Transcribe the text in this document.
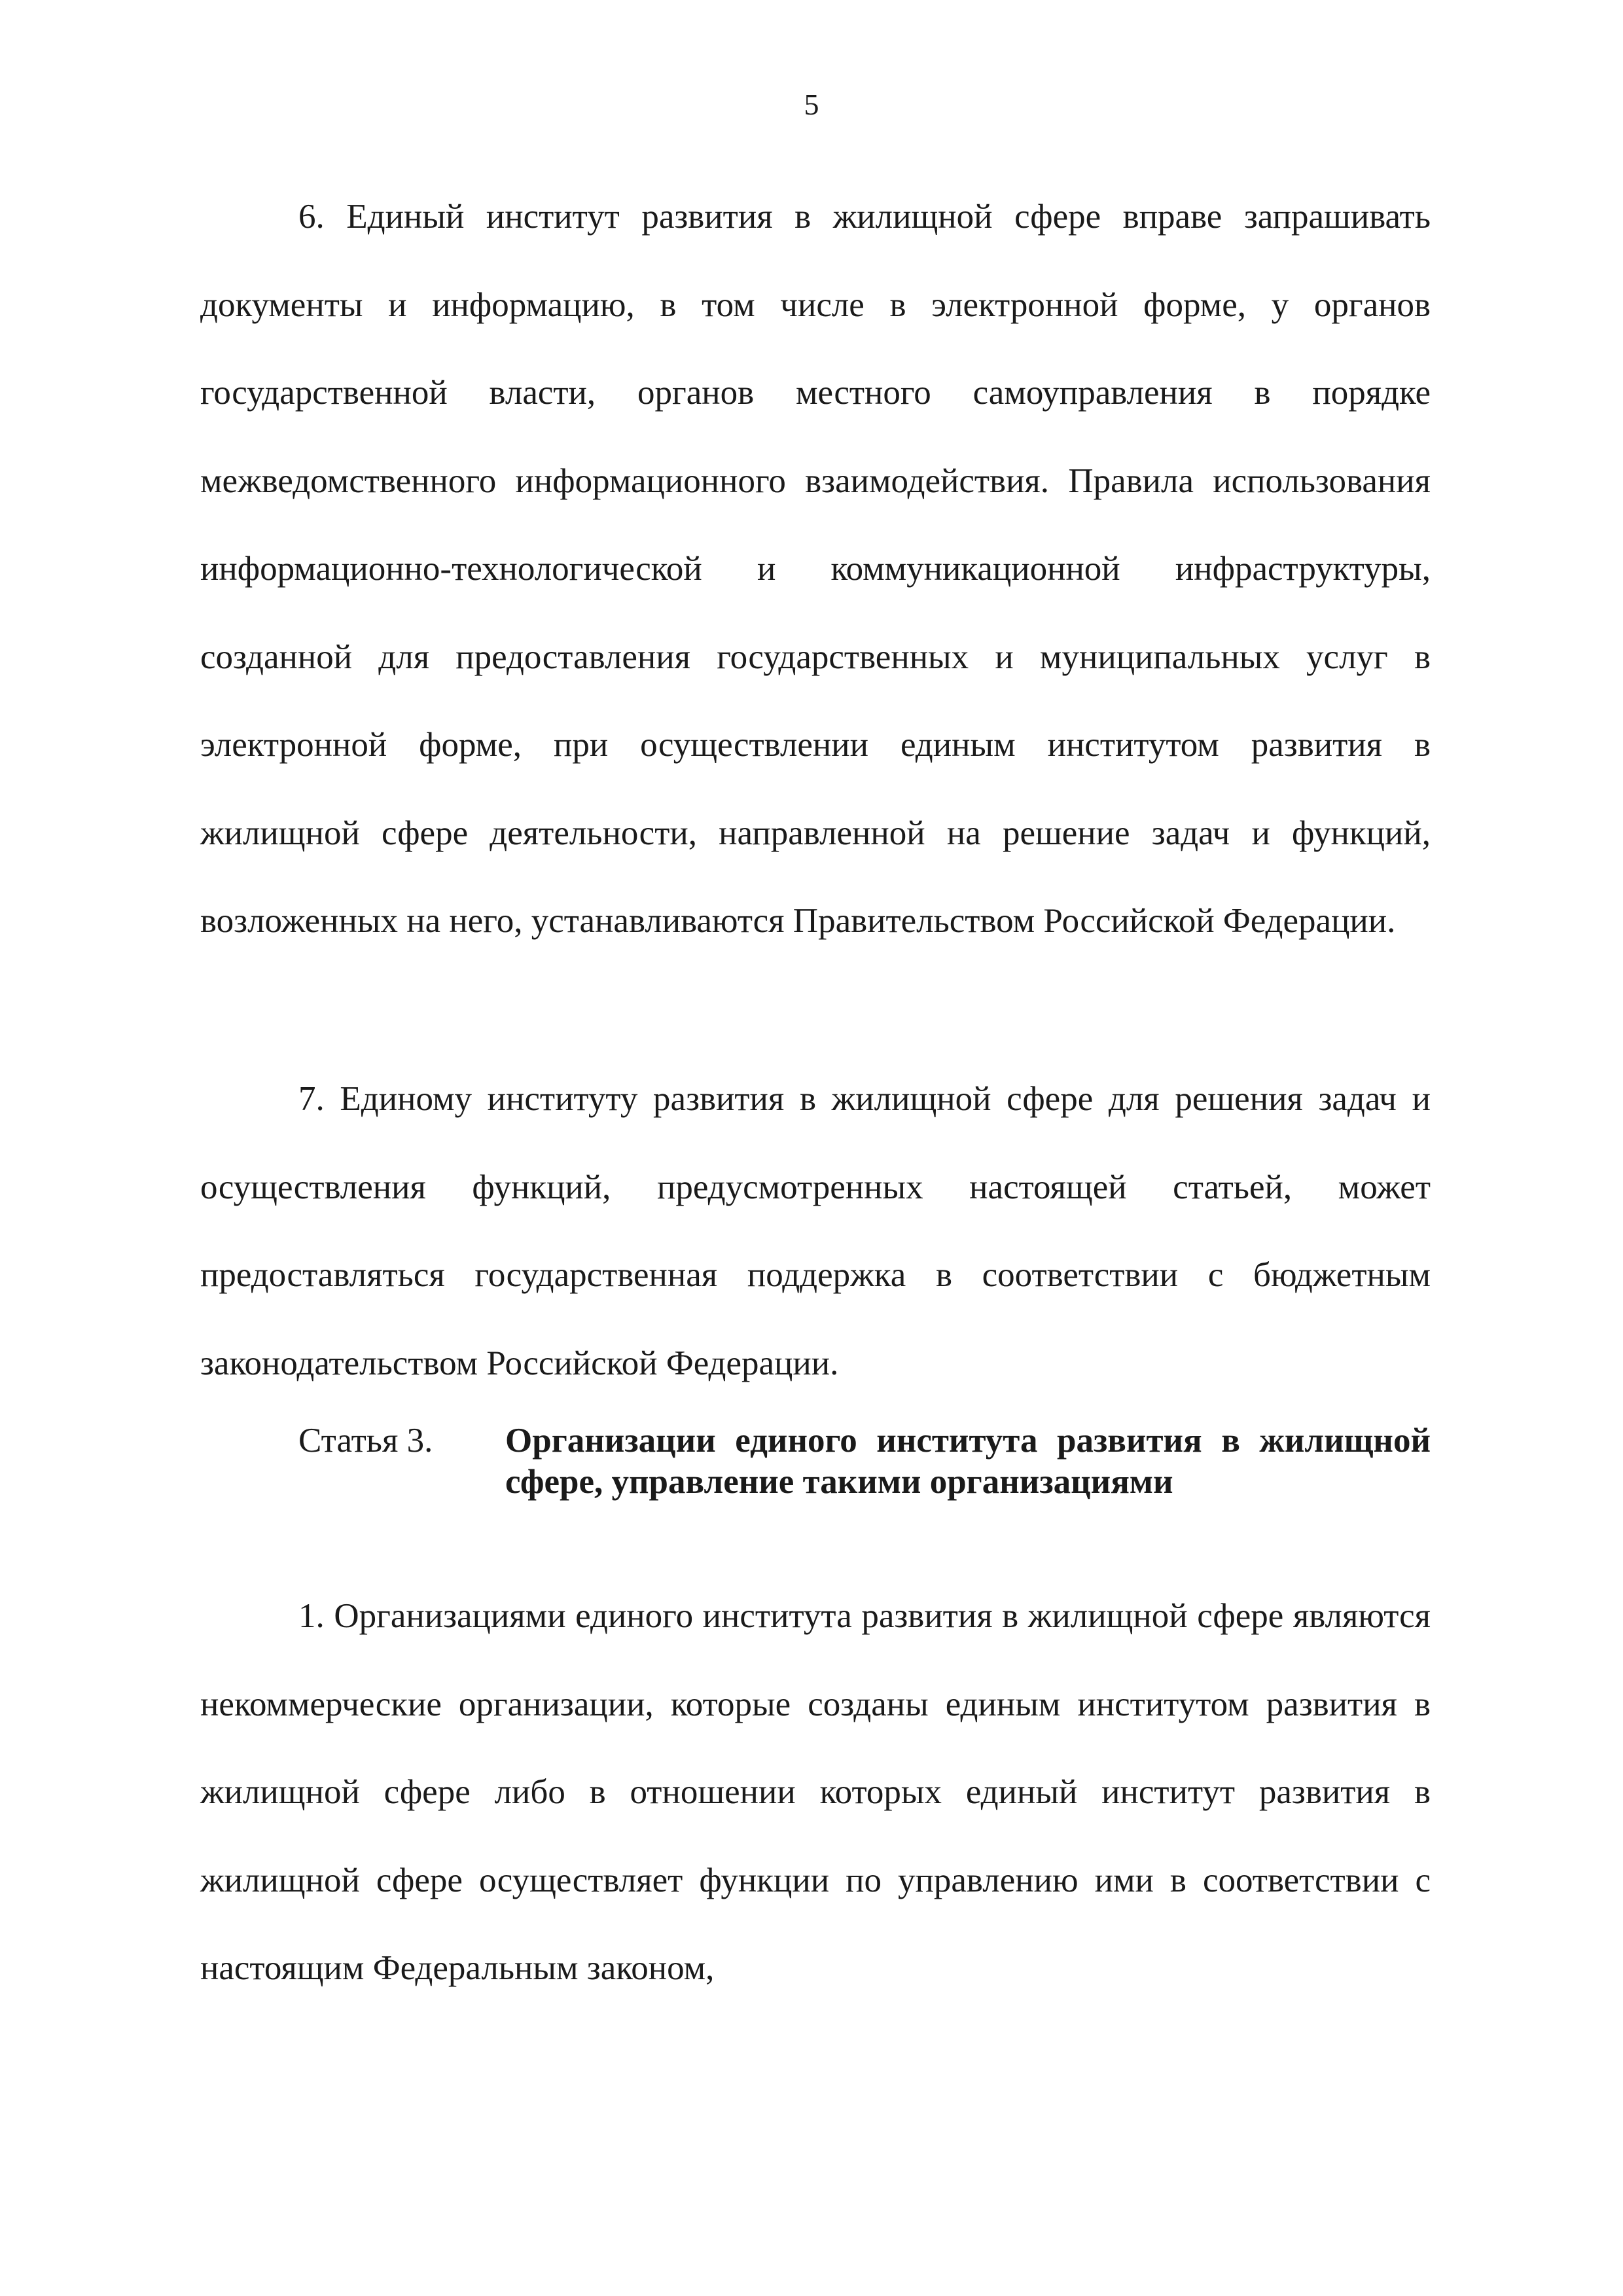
5

6. Единый институт развития в жилищной сфере вправе запрашивать документы и информацию, в том числе в электронной форме, у органов государственной власти, органов местного самоуправления в порядке межведомственного информационного взаимодействия. Правила использования информационно-технологической и коммуникационной инфраструктуры, созданной для предоставления государственных и муниципальных услуг в электронной форме, при осуществлении единым институтом развития в жилищной сфере деятельности, направленной на решение задач и функций, возложенных на него, устанавливаются Правительством Российской Федерации.

7. Единому институту развития в жилищной сфере для решения задач и осуществления функций, предусмотренных настоящей статьей, может предоставляться государственная поддержка в соответствии с бюджетным законодательством Российской Федерации.

Статья 3.	Организации единого института развития в жилищной сфере, управление такими организациями

1. Организациями единого института развития в жилищной сфере являются некоммерческие организации, которые созданы единым институтом развития в жилищной сфере либо в отношении которых единый институт развития в жилищной сфере осуществляет функции по управлению ими в соответствии с настоящим Федеральным законом,
